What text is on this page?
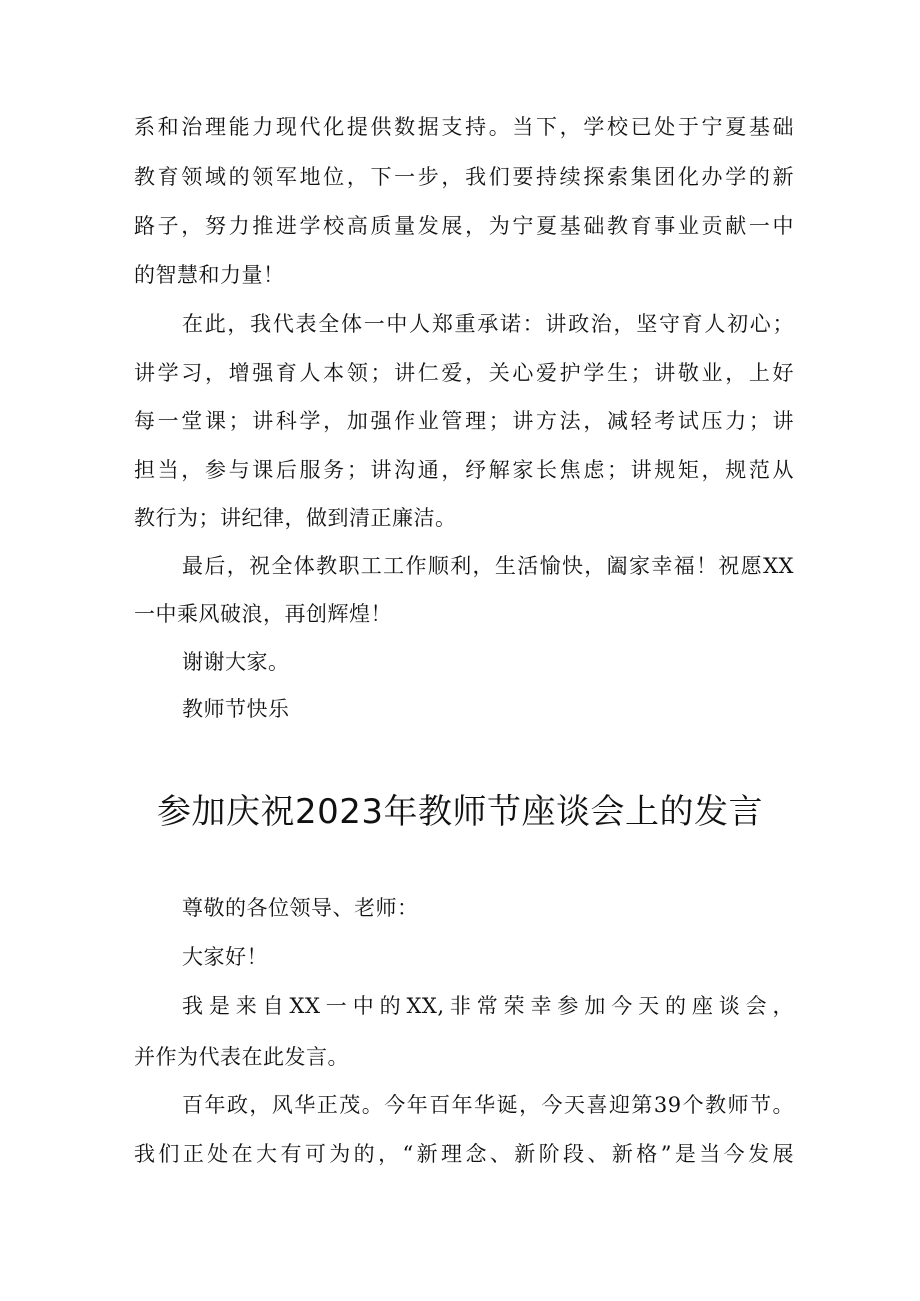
系和治理能力现代化提供数据支持。当下，学校已处于宁夏基础
教育领域的领军地位，下一步，我们要持续探索集团化办学的新
路子，努力推进学校高质量发展，为宁夏基础教育事业贡献一中
的智慧和力量！
在此，我代表全体一中人郑重承诺：讲政治，坚守育人初心；
讲学习，增强育人本领；讲仁爱，关心爱护学生；讲敬业，上好
每一堂课；讲科学，加强作业管理；讲方法，减轻考试压力；讲
担当，参与课后服务；讲沟通，纾解家长焦虑；讲规矩，规范从
教行为；讲纪律，做到清正廉洁。
最后，祝全体教职工工作顺利，生活愉快，阖家幸福！祝愿XX
一中乘风破浪，再创辉煌！
谢谢大家。
教师节快乐
参加庆祝2023年教师节座谈会上的发言
尊敬的各位领导、老师：
大家好！
我是来自XX一中的XX,非常荣幸参加今天的座谈会，
并作为代表在此发言。
百年政，风华正茂。今年百年华诞，今天喜迎第39个教师节。
我们正处在大有可为的，“新理念、新阶段、新格”是当今发展
